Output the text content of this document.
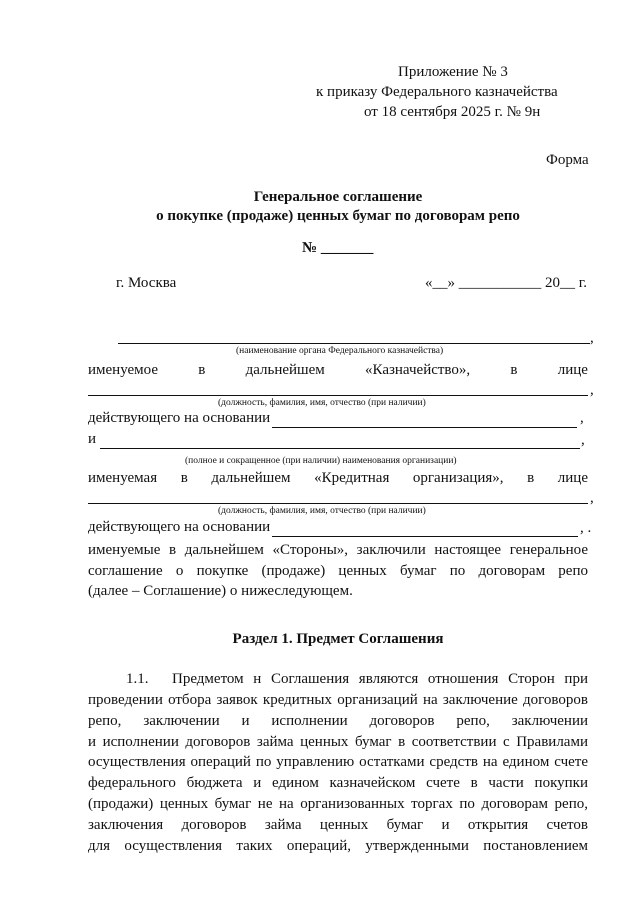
Приложение № 3
к приказу Федерального казначейства
от 18 сентября 2025 г. № 9н
Форма
Генеральное соглашение
о покупке (продаже) ценных бумаг по договорам репо
№ _______
г. Москва	«__» ___________ 20__ г.
,
(наименование органа Федерального казначейства)
именуемое	в	дальнейшем	«Казначейство»,	в	лице
,
(должность, фамилия, имя, отчество (при наличии)
действующего на основании	,
и	,
(полное и сокращенное (при наличии) наименования организации)
именуемая в дальнейшем «Кредитная организация», в лице
,
(должность, фамилия, имя, отчество (при наличии)
действующего на основании	, .
именуемые в дальнейшем «Стороны», заключили настоящее генеральное
соглашение о покупке (продаже) ценных бумаг по договорам репо
(далее – Соглашение) о нижеследующем.
Раздел 1. Предмет Соглашения
1.1. Предметом н Соглашения являются отношения Сторон при
проведении отбора заявок кредитных организаций на заключение договоров
репо, заключении и исполнении договоров репо, заключении
и исполнении договоров займа ценных бумаг в соответствии с Правилами
осуществления операций по управлению остатками средств на едином счете
федерального бюджета и едином казначейском счете в части покупки
(продажи) ценных бумаг не на организованных торгах по договорам репо,
заключения договоров займа ценных бумаг и открытия счетов
для осуществления таких операций, утвержденными постановлением
